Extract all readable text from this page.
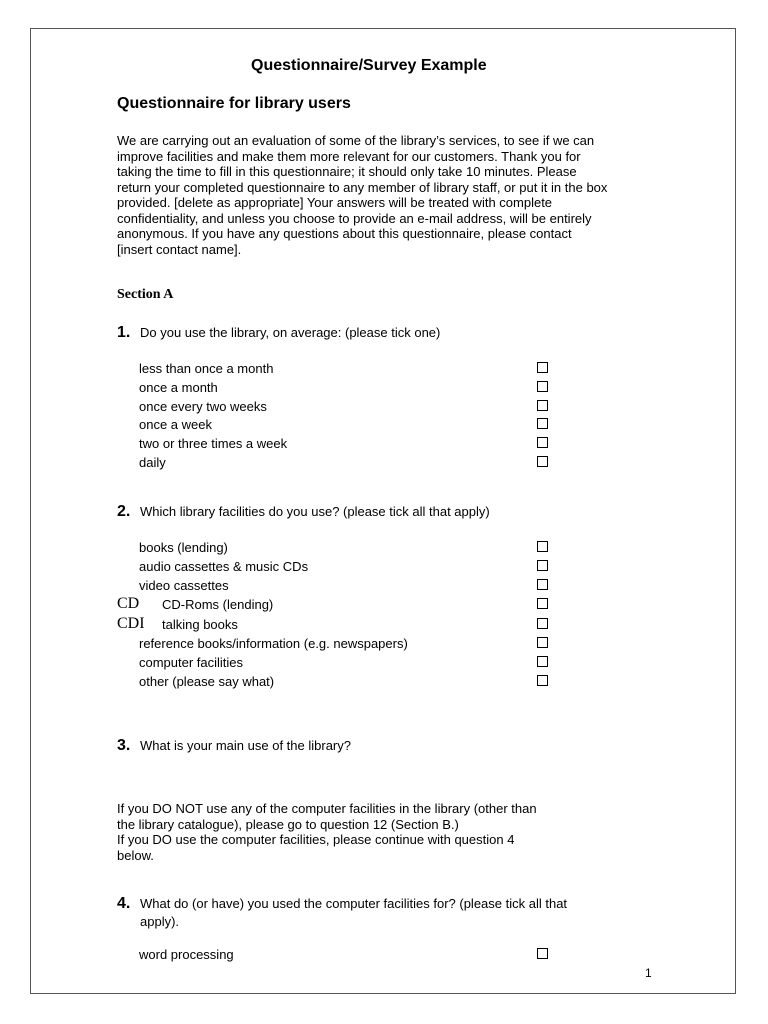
Questionnaire/Survey Example
Questionnaire for library users
We are carrying out an evaluation of some of the library’s services, to see if we can
improve facilities and make them more relevant for our customers. Thank you for
taking the time to fill in this questionnaire; it should only take 10 minutes. Please
return your completed questionnaire to any member of library staff, or put it in the box
provided. [delete as appropriate] Your answers will be treated with complete
confidentiality, and unless you choose to provide an e-mail address, will be entirely
anonymous. If you have any questions about this questionnaire, please contact
[insert contact name].
Section A
1. Do you use the library, on average: (please tick one)
less than once a month
once a month
once every two weeks
once a week
two or three times a week
daily
2. Which library facilities do you use? (please tick all that apply)
books (lending)
audio cassettes & music CDs
video cassettes
CD CD-Roms (lending)
CDI talking books
reference books/information (e.g. newspapers)
computer facilities
other (please say what)
3. What is your main use of the library?
If you DO NOT use any of the computer facilities in the library (other than
the library catalogue), please go to question 12 (Section B.)
If you DO use the computer facilities, please continue with question 4
below.
4. What do (or have) you used the computer facilities for? (please tick all that
apply).
word processing
1
